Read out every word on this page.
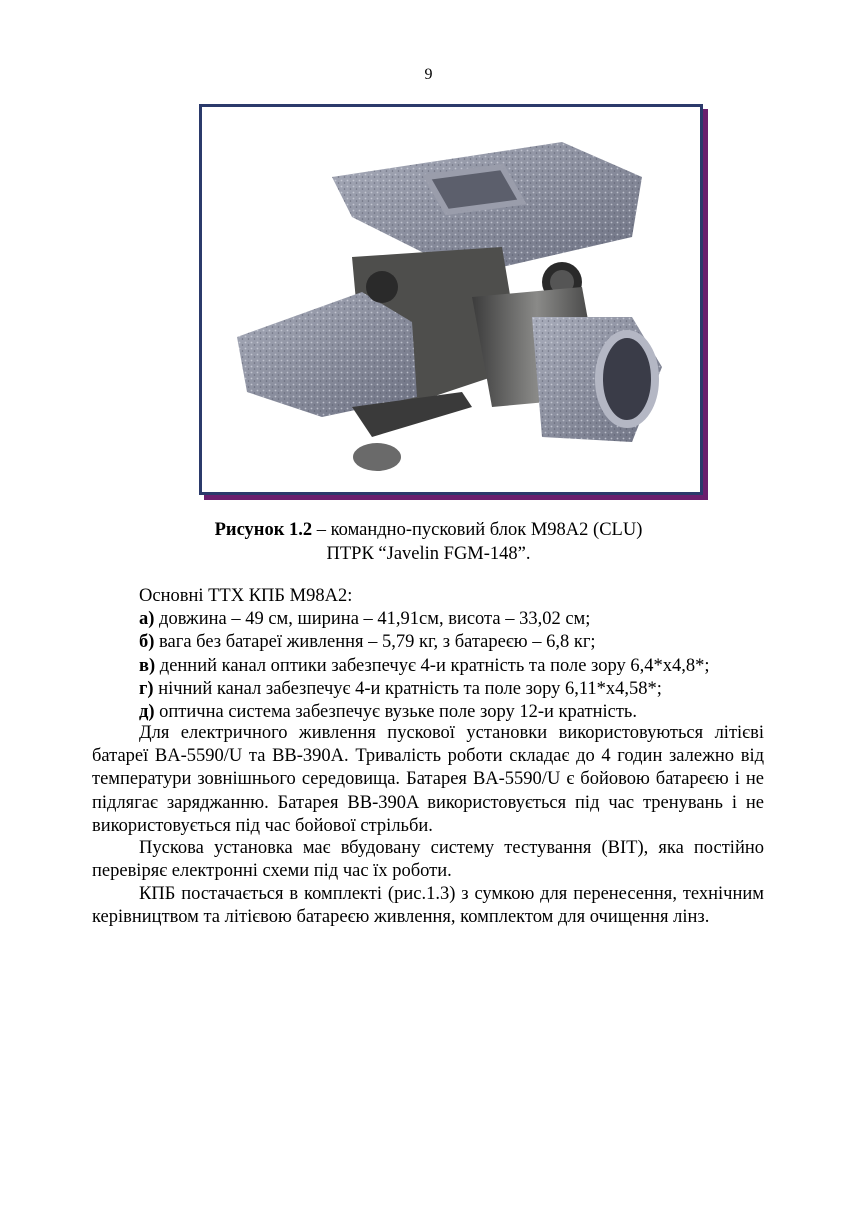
9
Рисунок 1.2 – командно-пусковий блок M98A2 (CLU)
ПТРК “Javelin FGM-148”.
Основні ТТХ КПБ M98A2:
а) довжина – 49 см, ширина – 41,91см, висота – 33,02 см;
б) вага без батареї живлення – 5,79 кг, з батареєю – 6,8 кг;
в) денний канал оптики забезпечує 4-и кратність та поле зору 6,4*х4,8*;
г) нічний канал забезпечує 4-и кратність та поле зору 6,11*х4,58*;
д) оптична система забезпечує вузьке поле зору 12-и кратність.
Для електричного живлення пускової установки використовуються літієві батареї BA-5590/U та BB-390A. Тривалість роботи складає до 4 годин залежно від температури зовнішнього середовища. Батарея BA-5590/U є бойовою батареєю і не підлягає заряджанню. Батарея BB-390A використовується під час тренувань і не використовується під час бойової стрільби.
Пускова установка має вбудовану систему тестування (BIT), яка постійно перевіряє електронні схеми під час їх роботи.
КПБ постачається в комплекті (рис.1.3) з сумкою для перенесення, технічним керівництвом та літієвою батареєю живлення, комплектом для очищення лінз.
